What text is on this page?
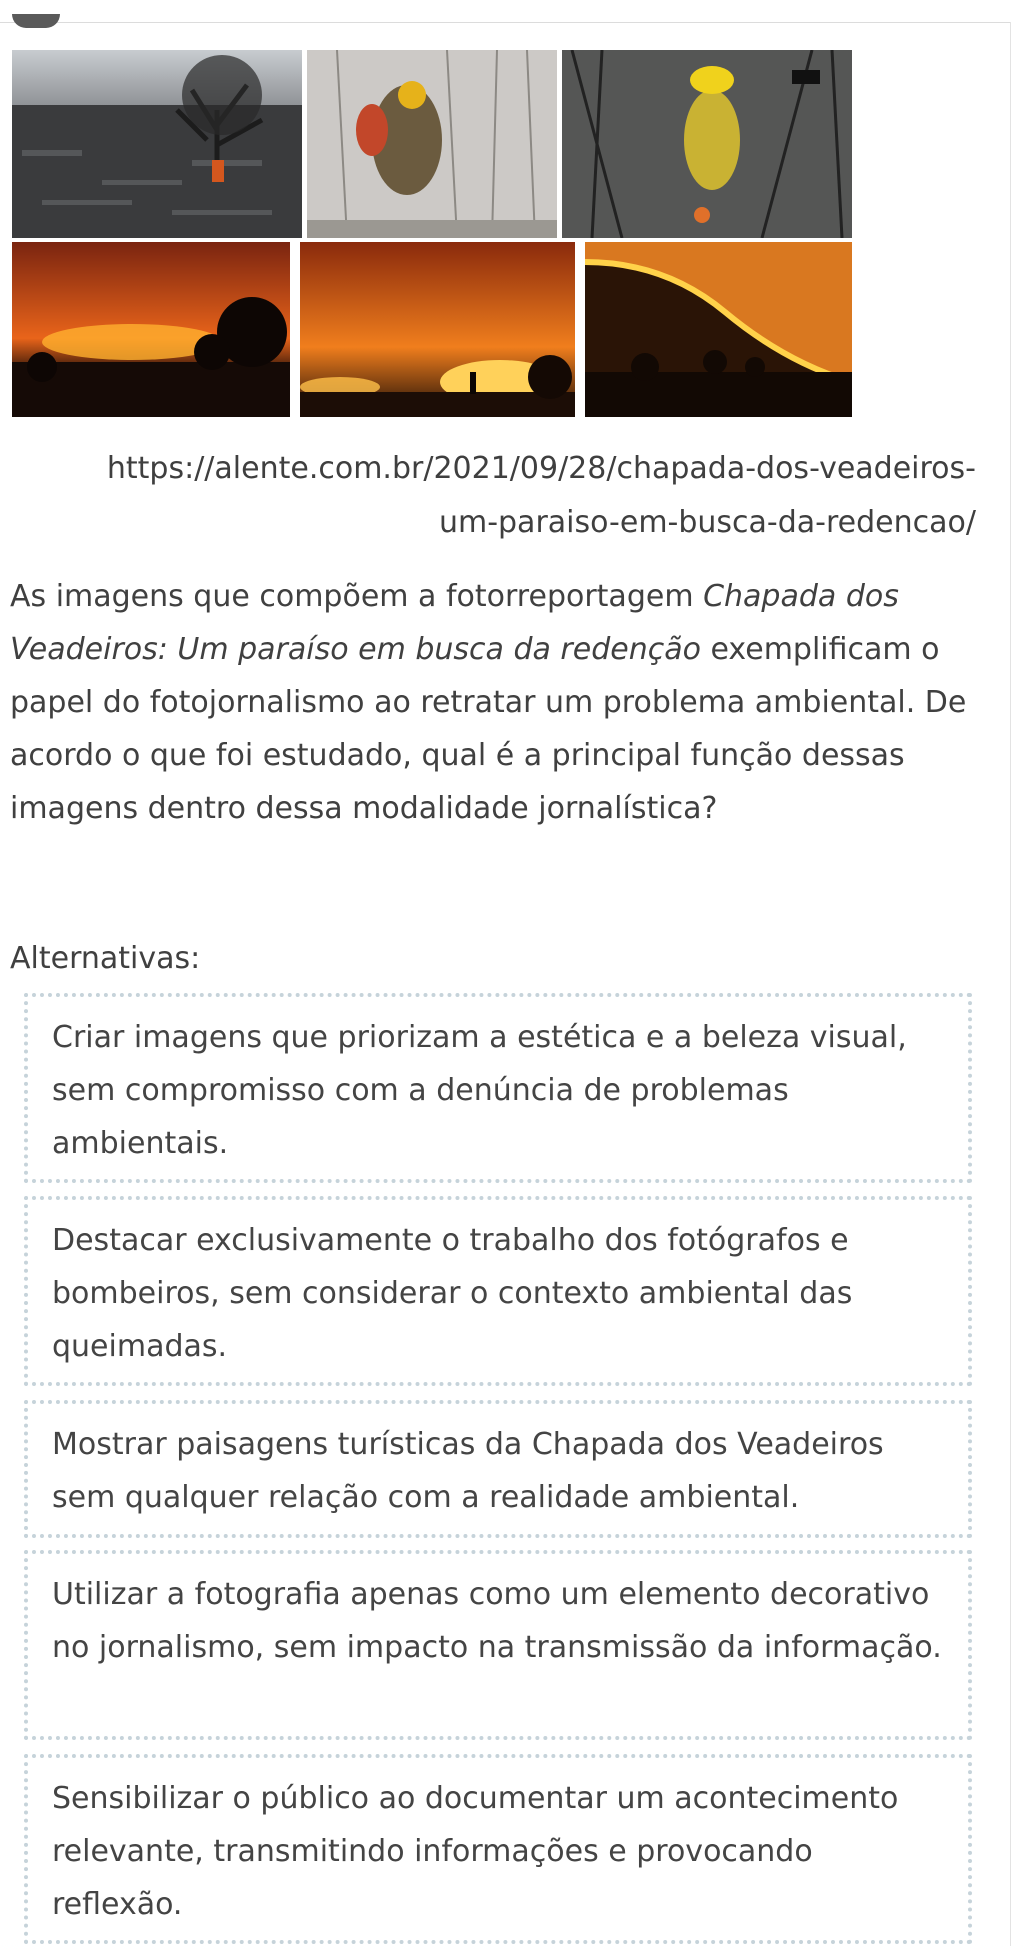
https://alente.com.br/2021/09/28/chapada-dos-veadeiros-
um-paraiso-em-busca-da-redencao/
As imagens que compõem a fotorreportagem Chapada dos Veadeiros: Um paraíso em busca da redenção exemplificam o papel do fotojornalismo ao retratar um problema ambiental. De acordo o que foi estudado, qual é a principal função dessas imagens dentro dessa modalidade jornalística?
Alternativas:
Criar imagens que priorizam a estética e a beleza visual, sem compromisso com a denúncia de problemas ambientais.
Destacar exclusivamente o trabalho dos fotógrafos e bombeiros, sem considerar o contexto ambiental das queimadas.
Mostrar paisagens turísticas da Chapada dos Veadeiros sem qualquer relação com a realidade ambiental.
Utilizar a fotografia apenas como um elemento decorativo no jornalismo, sem impacto na transmissão da informação.
Sensibilizar o público ao documentar um acontecimento relevante, transmitindo informações e provocando reflexão.
